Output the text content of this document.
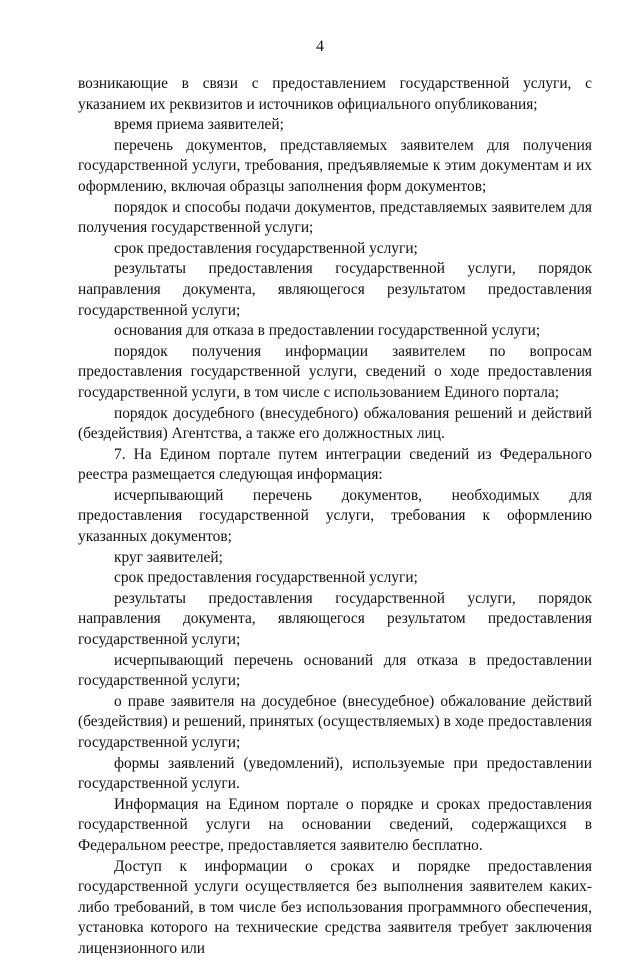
4

возникающие в связи с предоставлением государственной услуги, с указанием их реквизитов и источников официального опубликования;

время приема заявителей;

перечень документов, представляемых заявителем для получения государственной услуги, требования, предъявляемые к этим документам и их оформлению, включая образцы заполнения форм документов;

порядок и способы подачи документов, представляемых заявителем для получения государственной услуги;

срок предоставления государственной услуги;

результаты предоставления государственной услуги, порядок направления документа, являющегося результатом предоставления государственной услуги;

основания для отказа в предоставлении государственной услуги;

порядок получения информации заявителем по вопросам предоставления государственной услуги, сведений о ходе предоставления государственной услуги, в том числе с использованием Единого портала;

порядок досудебного (внесудебного) обжалования решений и действий (бездействия) Агентства, а также его должностных лиц.

7. На Едином портале путем интеграции сведений из Федерального реестра размещается следующая информация:

исчерпывающий перечень документов, необходимых для предоставления государственной услуги, требования к оформлению указанных документов;

круг заявителей;

срок предоставления государственной услуги;

результаты предоставления государственной услуги, порядок направления документа, являющегося результатом предоставления государственной услуги;

исчерпывающий перечень оснований для отказа в предоставлении государственной услуги;

о праве заявителя на досудебное (внесудебное) обжалование действий (бездействия) и решений, принятых (осуществляемых) в ходе предоставления государственной услуги;

формы заявлений (уведомлений), используемые при предоставлении государственной услуги.

Информация на Едином портале о порядке и сроках предоставления государственной услуги на основании сведений, содержащихся в Федеральном реестре, предоставляется заявителю бесплатно.

Доступ к информации о сроках и порядке предоставления государственной услуги осуществляется без выполнения заявителем каких-либо требований, в том числе без использования программного обеспечения, установка которого на технические средства заявителя требует заключения лицензионного или
